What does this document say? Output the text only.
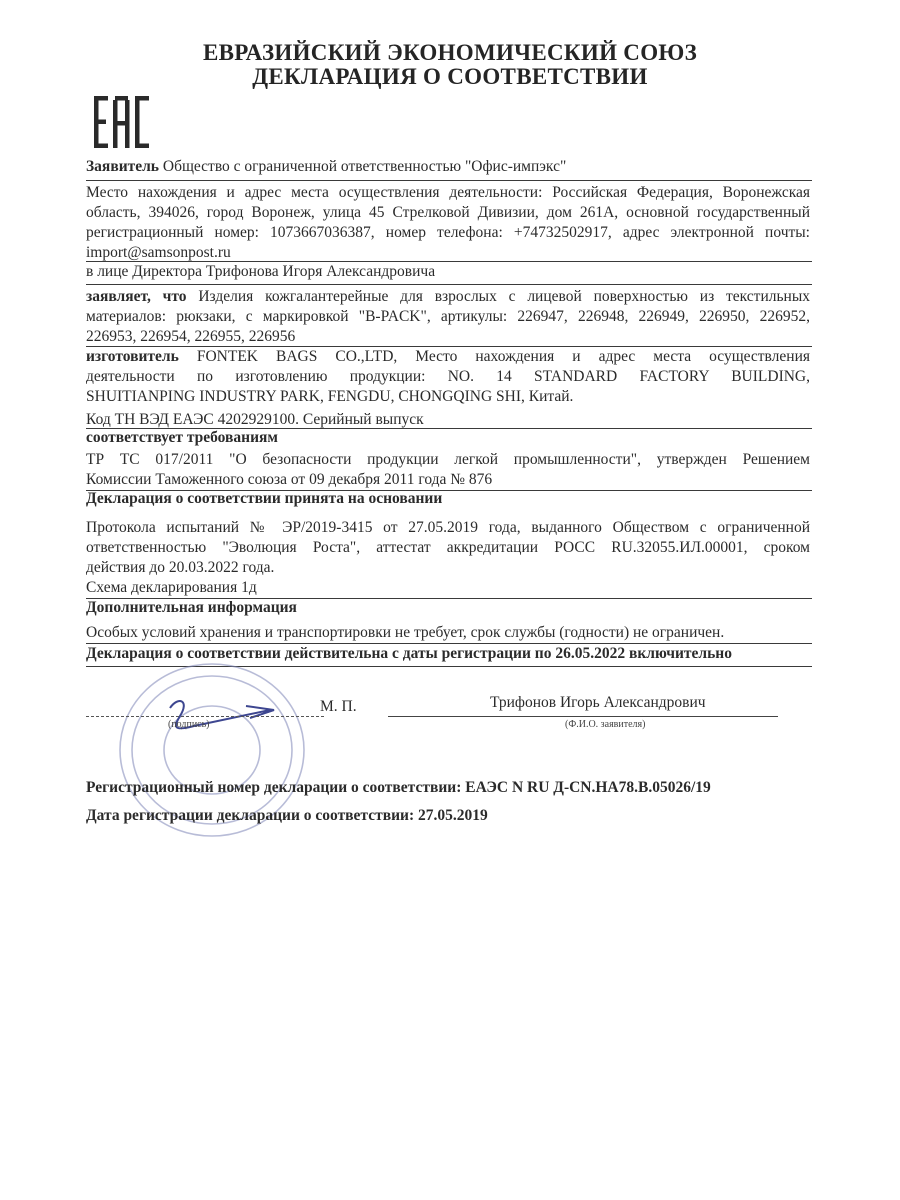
ЕВРАЗИЙСКИЙ ЭКОНОМИЧЕСКИЙ СОЮЗ
ДЕКЛАРАЦИЯ О СООТВЕТСТВИИ
Заявитель Общество с ограниченной ответственностью "Офис-импэкс"
Место нахождения и адрес места осуществления деятельности: Российская Федерация, Воронежская
область, 394026, город Воронеж, улица 45 Стрелковой Дивизии, дом 261А, основной государственный
регистрационный номер: 1073667036387, номер телефона: +74732502917, адрес электронной почты:
import@samsonpost.ru
в лице Директора Трифонова Игоря Александровича
заявляет, что Изделия кожгалантерейные для взрослых с лицевой поверхностью из текстильных
материалов: рюкзаки, с маркировкой "B-PACK", артикулы: 226947, 226948, 226949, 226950, 226952,
226953, 226954, 226955, 226956
изготовитель FONTEK BAGS CO.,LTD, Место нахождения и адрес места осуществления
деятельности по изготовлению продукции: NO. 14 STANDARD FACTORY BUILDING,
SHUITIANPING INDUSTRY PARK, FENGDU, CHONGQING SHI, Китай.
Код ТН ВЭД ЕАЭС 4202929100. Серийный выпуск
соответствует требованиям
ТР ТС 017/2011 "О безопасности продукции легкой промышленности", утвержден Решением
Комиссии Таможенного союза от 09 декабря 2011 года № 876
Декларация о соответствии принята на основании
Протокола испытаний № ЭР/2019-3415 от 27.05.2019 года, выданного Обществом с ограниченной
ответственностью "Эволюция Роста", аттестат аккредитации РОСС RU.32055.ИЛ.00001, сроком
действия до 20.03.2022 года.
Схема декларирования 1д
Дополнительная информация
Особых условий хранения и транспортировки не требует, срок службы (годности) не ограничен.
Декларация о соответствии действительна с даты регистрации по 26.05.2022 включительно
(подпись)
М. П.	Трифонов Игорь Александрович
(Ф.И.О. заявителя)
Регистрационный номер декларации о соответствии: ЕАЭС N RU Д-CN.НА78.В.05026/19
Дата регистрации декларации о соответствии: 27.05.2019
